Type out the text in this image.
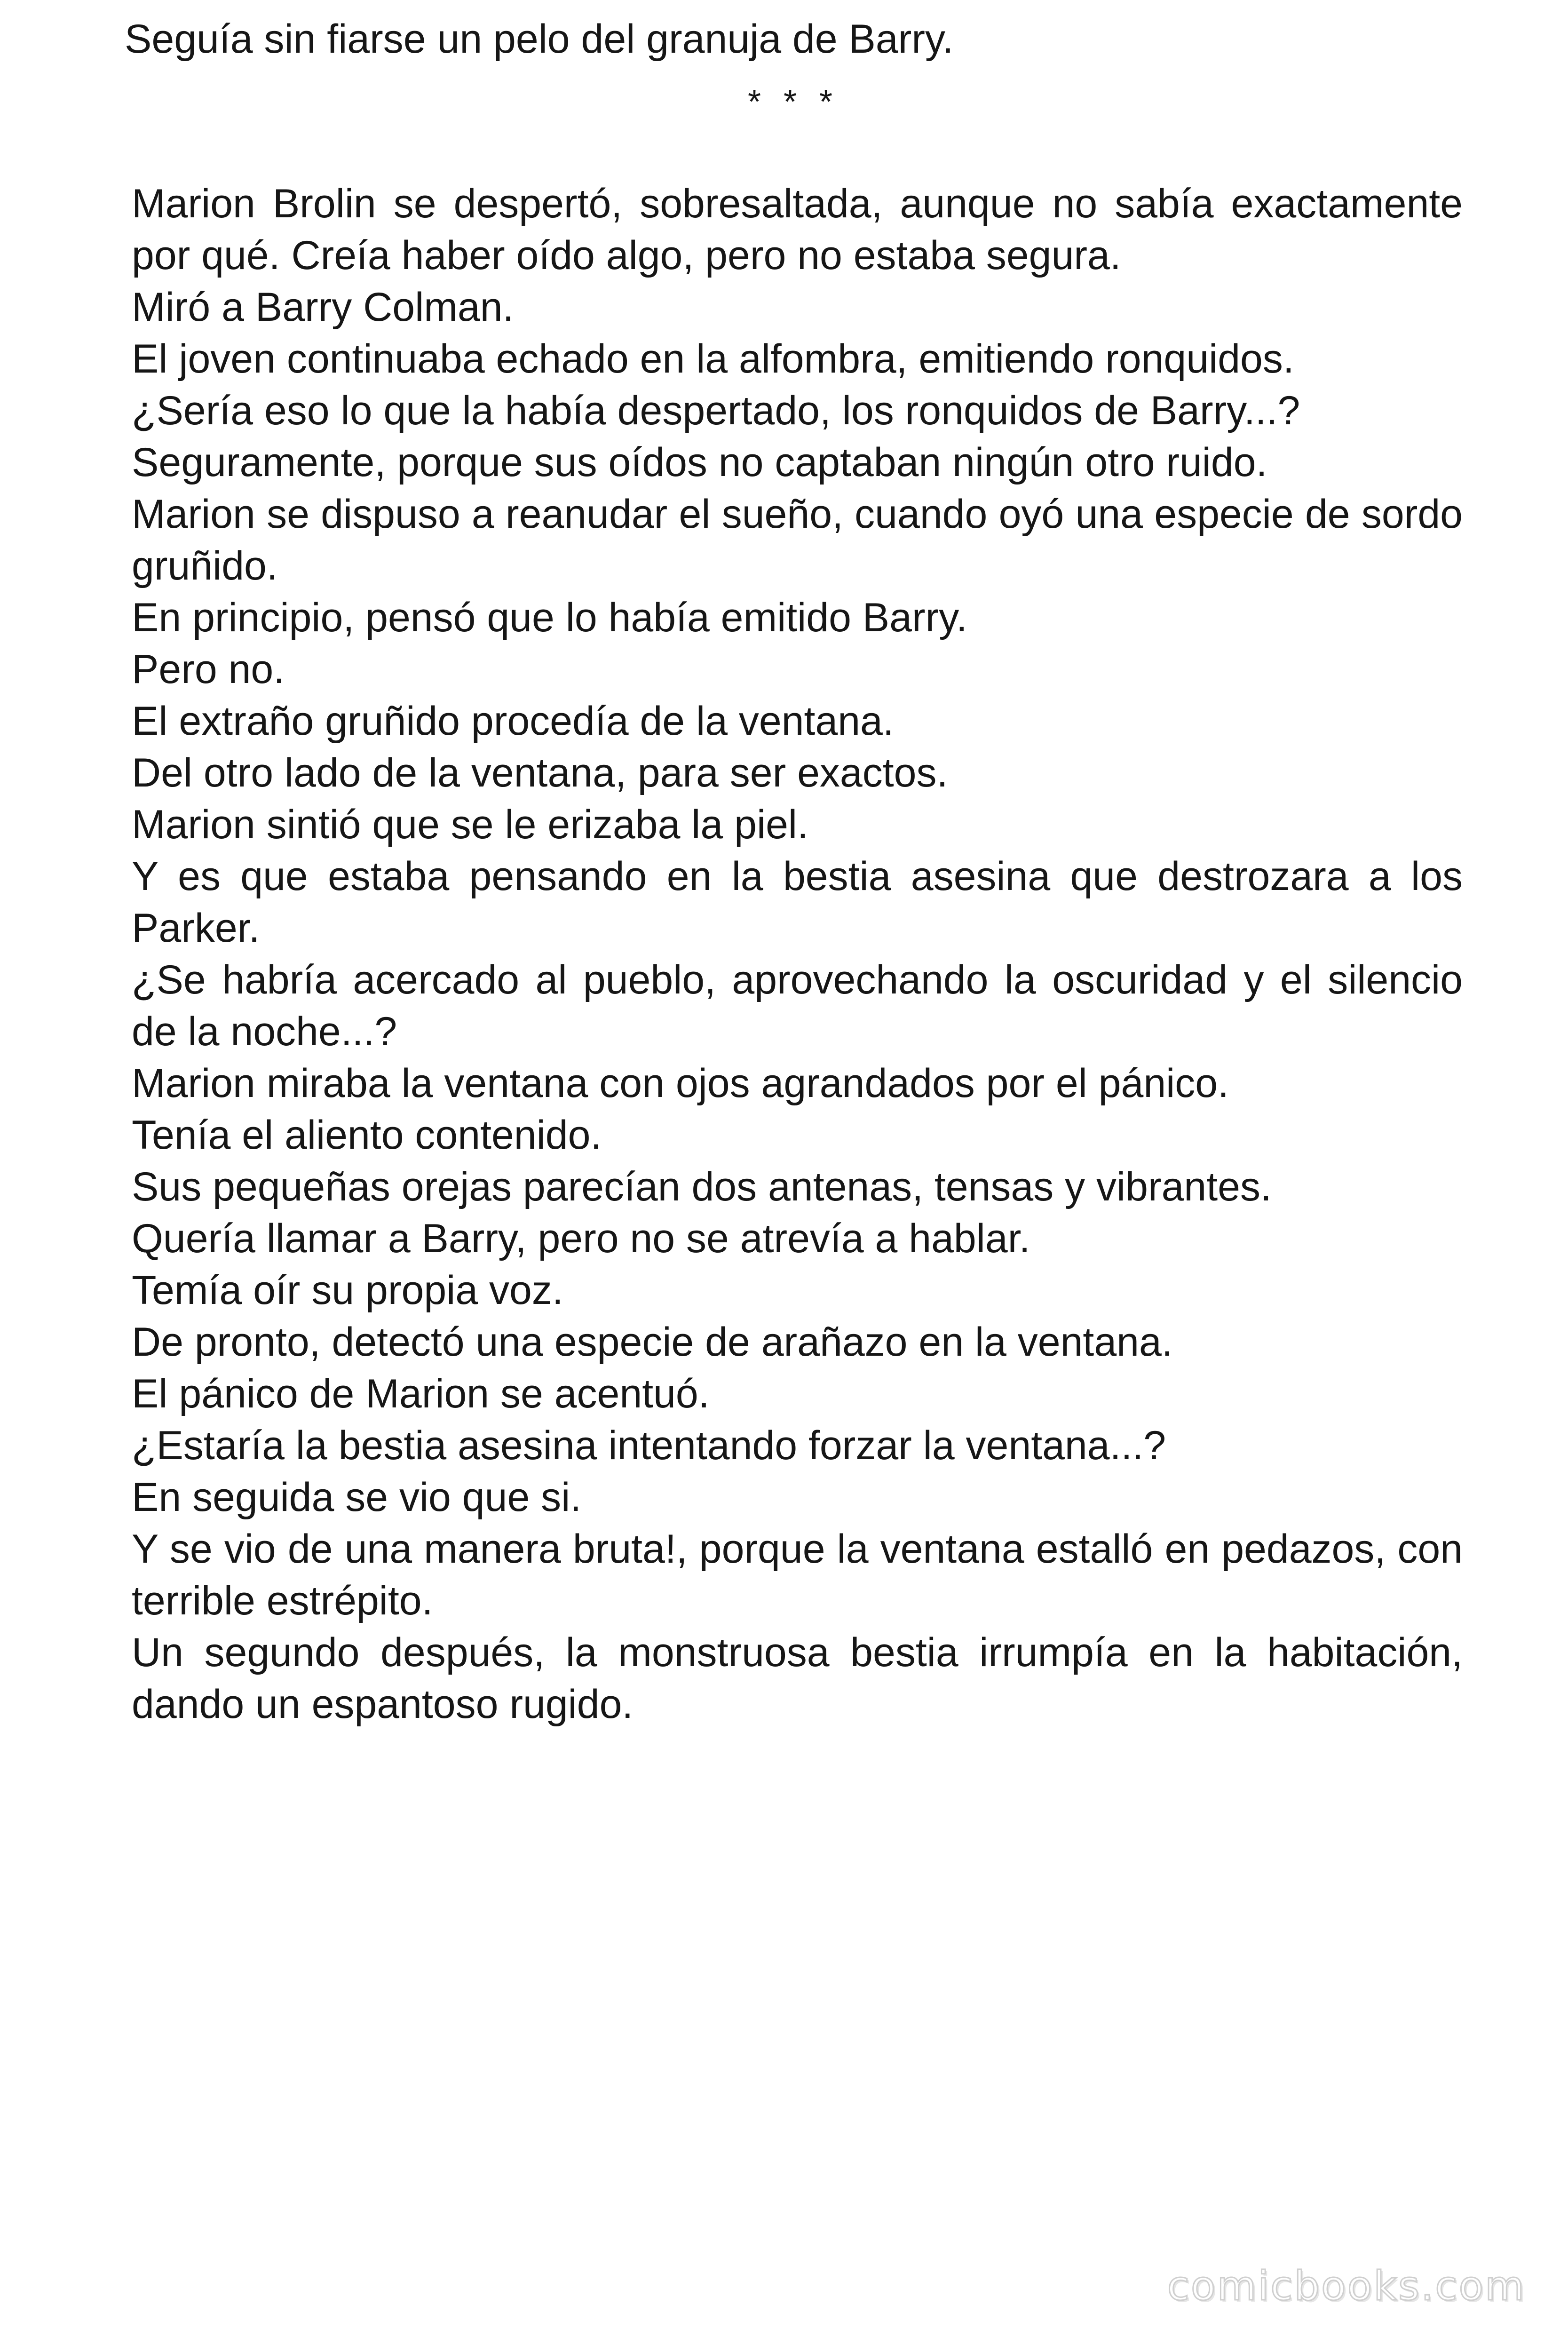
Seguía sin fiarse un pelo del granuja de Barry.
* * *

Marion Brolin se despertó, sobresaltada, aunque no sabía exactamente por qué. Creía haber oído algo, pero no estaba segura.

Miró a Barry Colman.

El joven continuaba echado en la alfombra, emitiendo ronquidos.

¿Sería eso lo que la había despertado, los ronquidos de Barry...?

Seguramente, porque sus oídos no captaban ningún otro ruido.

Marion se dispuso a reanudar el sueño, cuando oyó una especie de sordo gruñido.

En principio, pensó que lo había emitido Barry.

Pero no.

El extraño gruñido procedía de la ventana.

Del otro lado de la ventana, para ser exactos.

Marion sintió que se le erizaba la piel.

Y es que estaba pensando en la bestia asesina que destrozara a los Parker.

¿Se habría acercado al pueblo, aprovechando la oscuridad y el silencio de la noche...?

Marion miraba la ventana con ojos agrandados por el pánico.

Tenía el aliento contenido.

Sus pequeñas orejas parecían dos antenas, tensas y vibrantes.

Quería llamar a Barry, pero no se atrevía a hablar.

Temía oír su propia voz.

De pronto, detectó una especie de arañazo en la ventana.

El pánico de Marion se acentuó.

¿Estaría la bestia asesina intentando forzar la ventana...?

En seguida se vio que si.

Y se vio de una manera bruta!, porque la ventana estalló en pedazos, con terrible estrépito.

Un segundo después, la monstruosa bestia irrumpía en la habitación, dando un espantoso rugido.

comicbooks.com
